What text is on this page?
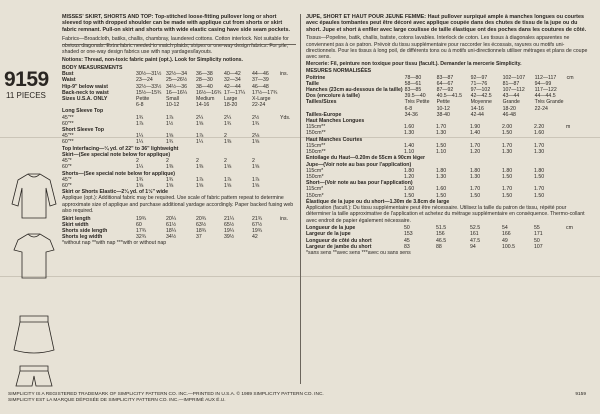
9159
11 PIECES

MISSES' SKIRT, SHORTS AND TOP: Top-stitched loose-fitting pullover long or short sleeved top with dropped shoulder can be made with applique cut from shorts or skirt fabric remnant. Pull-on skirt and shorts with wide elastic casing have side seam pockets.

Fabrics—Broadcloth, batiks, challis, chambray, laundered cottons. Cotton interlock. Not suitable for obvious diagonals. Extra fabric needed to match plaids, stripes or one-way design fabrics. For pile, shaded or one-way design fabrics use with nap yardages/layouts.

Notions: Thread, non-toxic fabric paint (opt.). Look for Simplicity notions.

BODY MEASUREMENTS

Bust	30½—31½	32½—34	36—38	40—42	44—46	ins.
Waist	23—24	25—26½	28—30	32—34	37—39	
Hip-9" below waist	32½—33½	34½—36	38—40	42—44	46—48	
Back-neck to waist	15½—15¾	16—16¼	16½—16¾	17—17¼	17½—17¾	
Sizes U.S.A. ONLY	Petite	Small	Medium	Large	X-Large	
	6-8	10-12	14-16	18-20	22-24	
Long Sleeve Top						
45"**	1¾	1⅞	2¼	2¼	2½	Yds.
60"**	1⅞	1½	1⅝	1¾	1¾	
Short Sleeve Top						
45"**	1¼	1⅝	1⅞	2	2⅛	
60"**	1¼	1¾	1¼	1⅜	1⅝	
Top Interfacing—¼ yd. of 22" to 36" lightweight						
Skirt—(See special note below for applique)						
45"*	2	2	2	2	2	
60"*	1¼	1⅜	1⅜	1⅝	1⅝	
Shorts—(See special note below for applique)						
45"*	1¾	1¾	1⅞	1⅞	1⅞	
60"*	1⅝	1⅝	1⅝	1⅝	1⅝	
Skirt or Shorts Elastic—2¼ yd. of 1½" wide						

Applique (opt.): Additional fabric may be required. Use scale of fabric pattern repeat to determine approximate size of applique and purchase additional yardage accordingly. Paper backed fusing web also required.

Skirt length	19¾	20¼	20¾	21¼	21¾	ins.
Skirt width	60	61½	63½	65½	67½	
Shorts side length	17¾	18¼	18¾	19¼	19¾	
Shorts leg width	32¾	34½	37	39½	42	

*without nap **with nap ***with or without nap

JUPE, SHORT ET HAUT POUR JEUNE FEMME: Haut pullover surpiqué ample à manches longues ou courtes avec épaules tombantes peut être décoré avec applique coupée dans des chutes de tissu de la jupe ou du short. Jupe et short à enfiler avec large coulisse de taille élastique ont des poches dans les coutures de côté.

Tissus—Popeline, batik, challis, batiste, cotons lavables. Interlock de coton. Les tissus à diagonales apparentes ne conviennent pas à ce patron. Prévoir du tissu supplémentaire pour raccorder les écossais, rayures ou motifs uni-directionnels. Pour les tissus à long poil, de différents tons ou à motifs uni-directionnels utiliser métrages et plans de coupe avec sens.

Mercerie: Fil, peinture non toxique pour tissu (facult.). Demander la mercerie Simplicity.

MESURES NORMALISÉES

Poitrine	78—80	83—87	92—97	102—107	112—117	cm
Taille	58—61	64—67	71—76	81—87	94—99	
Hanches (23cm au-dessous de la taille)	83—85	87—92	97—102	107—112	117—122	
Dos (encolure à taille)	39.5—40	40.5—41.5	42—42.5	43—44	44—44.5	
Tailles/Sizes	Très Petite	Petite	Moyenne	Grande	Très Grande	
	6-8	10-12	14-16	18-20	22-24	
Tailles-Europe	34-36	38-40	42-44	46-48		
Haut Manches Longues						
115cm**	1.60	1.70	1.90	2.00	2.20	m
150cm**	1.30	1.30	1.40	1.50	1.60	
Haut Manches Courtes						
115cm**	1.40	1.50	1.70	1.70	1.70	
150cm**	1.10	1.10	1.20	1.30	1.30	
Entoilage du Haut—0.20m de 55cm à 90cm léger						
Jupe—(Voir note au bas pour l'application)						
115cm*	1.80	1.80	1.80	1.80	1.80	
150cm*	1.20	1.30	1.30	1.50	1.50	
Short—(Voir note au bas pour l'application)						
115cm*	1.60	1.60	1.70	1.70	1.70	
150cm*	1.50	1.50	1.50	1.50	1.50	
Élastique de la jupe ou du short—1.30m de 3.8cm de large						

Application (facult.): Du tissu supplémentaire peut être nécessaire. Utilisez la taille du patron de tissu, répété pour déterminer la taille approximative de l'application et achetez du métrage supplémentaire en conséquence. Thermo-collant avec endroit de papier également nécessaire.

Longueur de la jupe	50	51.5	52.5	54	55	cm
Largeur de la jupe	153	156	161	166	171	
Longueur de côté du short	45	46.5	47.5	49	50	
Largeur de jambe du short	83	88	94	100.5	107	

*sans sens **avec sens ***avec ou sans sens

SIMPLICITY IS A REGISTERED TRADEMARK OF SIMPLICITY PATTERN CO. INC.—PRINTED IN U.S.A. © 1989 SIMPLICITY PATTERN CO. INC.
SIMPLICITY EST LA MARQUE DÉPOSÉE DE SIMPLICITY PATTERN CO. INC.—IMPRIMÉ AUX É.U.
9159
